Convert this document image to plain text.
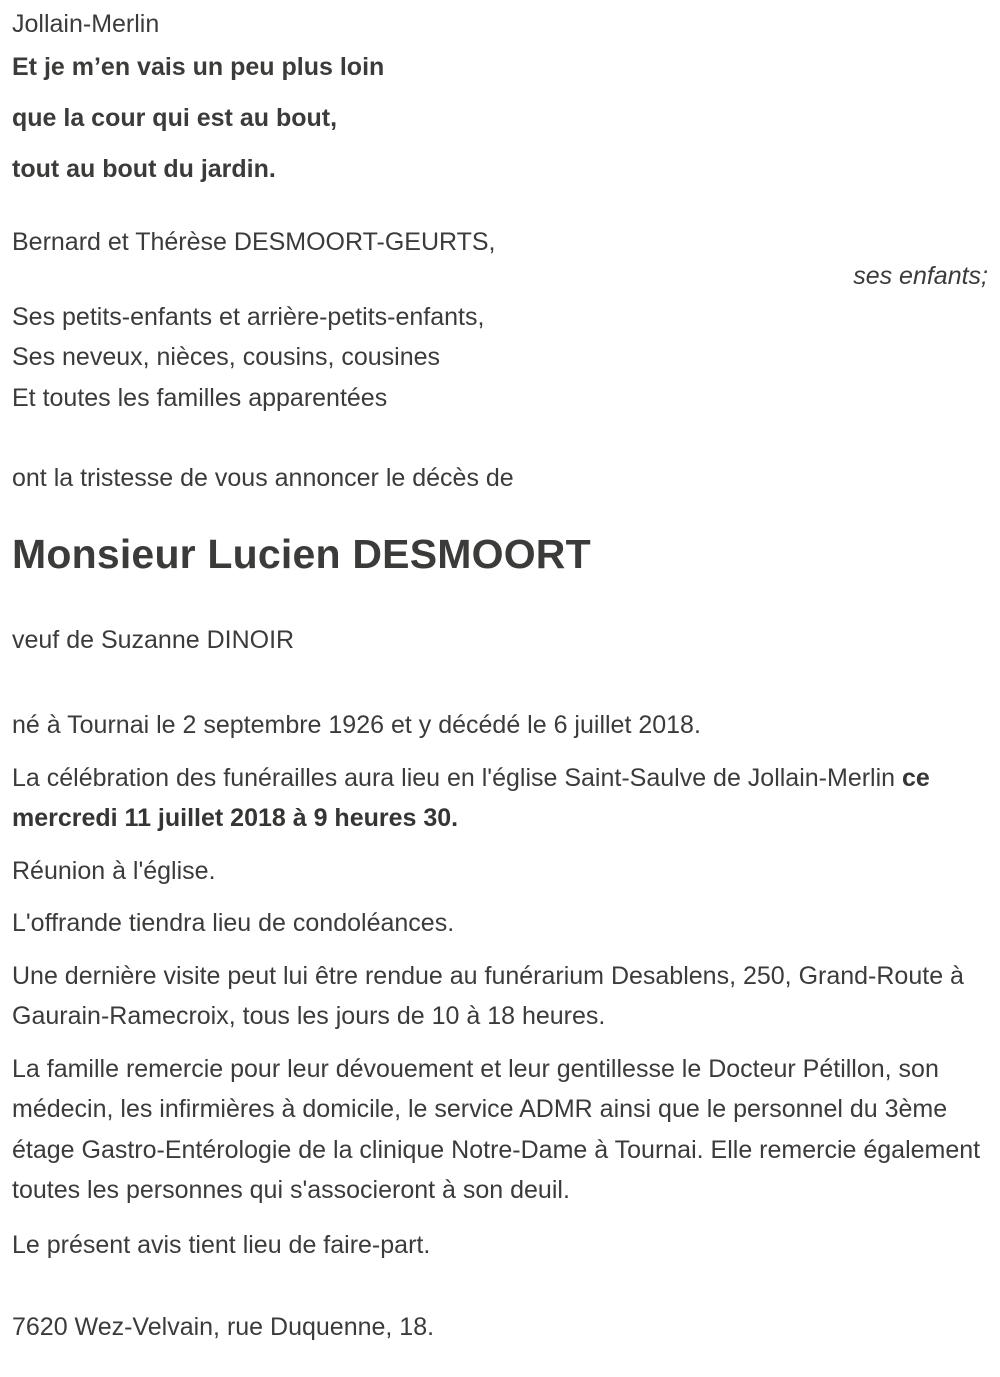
Jollain-Merlin

Et je m’en vais un peu plus loin

que la cour qui est au bout,

tout au bout du jardin.

Bernard et Thérèse DESMOORT-GEURTS,

ses enfants;

Ses petits-enfants et arrière-petits-enfants,

Ses neveux, nièces, cousins, cousines

Et toutes les familles apparentées

ont la tristesse de vous annoncer le décès de

Monsieur Lucien DESMOORT

veuf de Suzanne DINOIR

né à Tournai le 2 septembre 1926 et y décédé le 6 juillet 2018.

La célébration des funérailles aura lieu en l'église Saint-Saulve de Jollain-Merlin ce mercredi 11 juillet 2018 à 9 heures 30.

Réunion à l'église.

L'offrande tiendra lieu de condoléances.

Une dernière visite peut lui être rendue au funérarium Desablens, 250, Grand-Route à Gaurain-Ramecroix, tous les jours de 10 à 18 heures.

La famille remercie pour leur dévouement et leur gentillesse le Docteur Pétillon, son médecin, les infirmières à domicile, le service ADMR ainsi que le personnel du 3ème étage Gastro-Entérologie de la clinique Notre-Dame à Tournai. Elle remercie également toutes les personnes qui s'associeront à son deuil.

Le présent avis tient lieu de faire-part.

7620 Wez-Velvain, rue Duquenne, 18.
